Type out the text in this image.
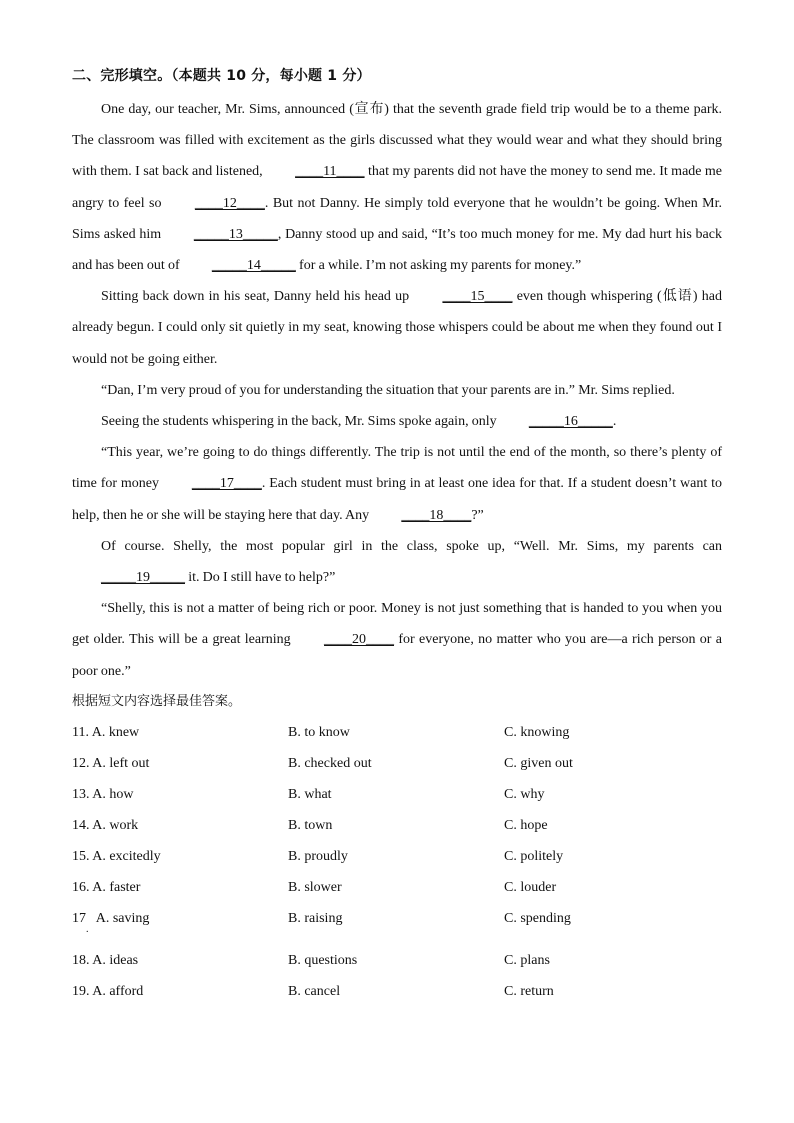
二、完形填空。（本题共 10 分，每小题 1 分）

One day, our teacher, Mr. Sims, announced (宣布) that the seventh grade field trip would be to a theme park. The classroom was filled with excitement as the girls discussed what they would wear and what they should bring with them. I sat back and listened, ____11____ that my parents did not have the money to send me. It made me angry to feel so ____12____. But not Danny. He simply told everyone that he wouldn’t be going. When Mr. Sims asked him _____13_____, Danny stood up and said, “It’s too much money for me. My dad hurt his back and has been out of _____14_____ for a while. I’m not asking my parents for money.”

Sitting back down in his seat, Danny held his head up ____15____ even though whispering (低语) had already begun. I could only sit quietly in my seat, knowing those whispers could be about me when they found out I would not be going either.

“Dan, I’m very proud of you for understanding the situation that your parents are in.” Mr. Sims replied.

Seeing the students whispering in the back, Mr. Sims spoke again, only _____16_____.

“This year, we’re going to do things differently. The trip is not until the end of the month, so there’s plenty of time for money ____17____. Each student must bring in at least one idea for that. If a student doesn’t want to help, then he or she will be staying here that day. Any ____18____?”

Of course. Shelly, the most popular girl in the class, spoke up, “Well. Mr. Sims, my parents can _____19_____ it. Do I still have to help?”

“Shelly, this is not a matter of being rich or poor. Money is not just something that is handed to you when you get older. This will be a great learning ____20____ for everyone, no matter who you are—a rich person or a poor one.”

根据短文内容选择最佳答案。
11. A. knew	B. to know	C. knowing
12. A. left out	B. checked out	C. given out
13. A. how	B. what	C. why
14. A. work	B. town	C. hope
15. A. excitedly	B. proudly	C. politely
16. A. faster	B. slower	C. louder
17   A. saving	B. raising	C. spending
18. A. ideas	B. questions	C. plans
19. A. afford	B. cancel	C. return
.
